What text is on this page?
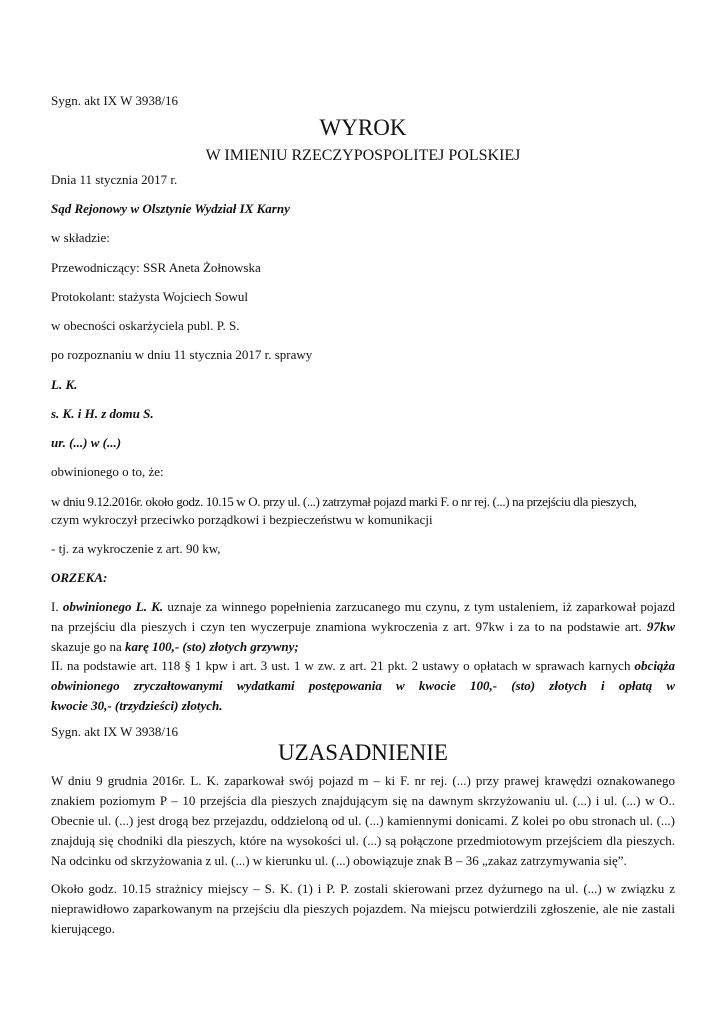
Sygn. akt IX W 3938/16

WYROK
W IMIENIU RZECZYPOSPOLITEJ POLSKIEJ

Dnia 11 stycznia 2017 r.

Sąd Rejonowy w Olsztynie Wydział IX Karny

w składzie:

Przewodniczący: SSR Aneta Żołnowska

Protokolant: stażysta Wojciech Sowul

w obecności oskarżyciela publ. P. S.

po rozpoznaniu w dniu 11 stycznia 2017 r. sprawy

L. K.

s. K. i H. z domu S.

ur. (...) w (...)

obwinionego o to, że:

w dniu 9.12.2016r. około godz. 10.15 w O. przy ul. (...) zatrzymał pojazd marki F. o nr rej. (...) na przejściu dla pieszych,

czym wykroczył przeciwko porządkowi i bezpieczeństwu w komunikacji

- tj. za wykroczenie z art. 90 kw,

ORZEKA:

I. obwinionego L. K. uznaje za winnego popełnienia zarzucanego mu czynu, z tym ustaleniem, iż zaparkował pojazd
na przejściu dla pieszych i czyn ten wyczerpuje znamiona wykroczenia z art. 97kw i za to na podstawie art. 97kw
skazuje go na karę 100,- (sto) złotych grzywny;
II. na podstawie art. 118 § 1 kpw i art. 3 ust. 1 w zw. z art. 21 pkt. 2 ustawy o opłatach w sprawach karnych obciąża
obwinionego zryczałtowanymi wydatkami postępowania w kwocie 100,- (sto) złotych i opłatą w
kwocie 30,- (trzydzieści) złotych.

Sygn. akt IX W 3938/16

UZASADNIENIE
W dniu 9 grudnia 2016r. L. K. zaparkował swój pojazd m – ki F. nr rej. (...) przy prawej krawędzi oznakowanego
znakiem poziomym P – 10 przejścia dla pieszych znajdującym się na dawnym skrzyżowaniu ul. (...) i ul. (...) w O..
Obecnie ul. (...) jest drogą bez przejazdu, oddzieloną od ul. (...) kamiennymi donicami. Z kolei po obu stronach ul. (...)
znajdują się chodniki dla pieszych, które na wysokości ul. (...) są połączone przedmiotowym przejściem dla pieszych.
Na odcinku od skrzyżowania z ul. (...) w kierunku ul. (...) obowiązuje znak B – 36 „zakaz zatrzymywania się”.
Około godz. 10.15 strażnicy miejscy – S. K. (1) i P. P. zostali skierowani przez dyżurnego na ul. (...) w związku z
nieprawidłowo zaparkowanym na przejściu dla pieszych pojazdem. Na miejscu potwierdzili zgłoszenie, ale nie zastali
kierującego.
